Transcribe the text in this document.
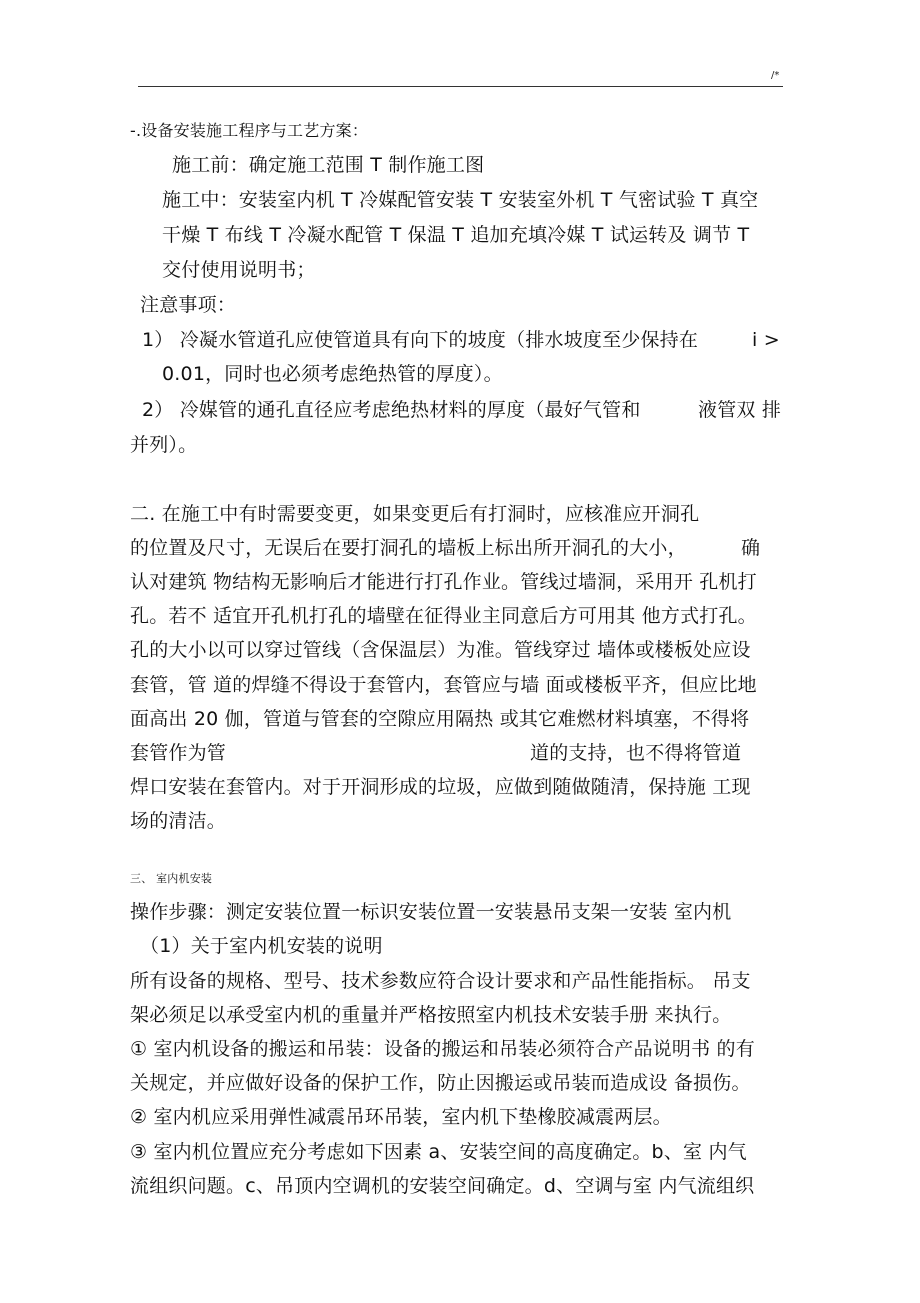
/*
-.设备安装施工程序与工艺方案：
施工前：确定施工范围 T 制作施工图
施工中：安装室内机 T 冷媒配管安装 T 安装室外机 T 气密试验 T 真空
干燥 T 布线 T 冷凝水配管 T 保温 T 追加充填冷媒 T 试运转及 调节 T
交付使用说明书；
注意事项：
1） 冷凝水管道孔应使管道具有向下的坡度（排水坡度至少保持在	i >
0.01，同时也必须考虑绝热管的厚度）。
2） 冷媒管的通孔直径应考虑绝热材料的厚度（最好气管和	液管双 排
并列）。
二. 在施工中有时需要变更，如果变更后有打洞时，应核准应开洞孔
的位置及尺寸，无误后在要打洞孔的墙板上标出所开洞孔的大小，	确
认对建筑 物结构无影响后才能进行打孔作业。管线过墙洞，采用开 孔机打
孔。若不 适宜开孔机打孔的墙壁在征得业主同意后方可用其 他方式打孔。
孔的大小以可以穿过管线（含保温层）为准。管线穿过 墙体或楼板处应设
套管，管 道的焊缝不得设于套管内，套管应与墙 面或楼板平齐，但应比地
面高出 20 伽，管道与管套的空隙应用隔热 或其它难燃材料填塞，不得将
套管作为管	道的支持，也不得将管道
焊口安装在套管内。对于开洞形成的垃圾，应做到随做随清，保持施 工现
场的清洁。
三、 室内机安装
操作步骤：测定安装位置一标识安装位置一安装悬吊支架一安装 室内机
（1）关于室内机安装的说明
所有设备的规格、型号、技术参数应符合设计要求和产品性能指标。 吊支
架必须足以承受室内机的重量并严格按照室内机技术安装手册 来执行。
① 室内机设备的搬运和吊装：设备的搬运和吊装必须符合产品说明书 的有
关规定，并应做好设备的保护工作，防止因搬运或吊装而造成设 备损伤。
② 室内机应采用弹性减震吊环吊装，室内机下垫橡胶减震两层。
③ 室内机位置应充分考虑如下因素 a、安装空间的高度确定。b、室 内气
流组织问题。c、吊顶内空调机的安装空间确定。d、空调与室 内气流组织
